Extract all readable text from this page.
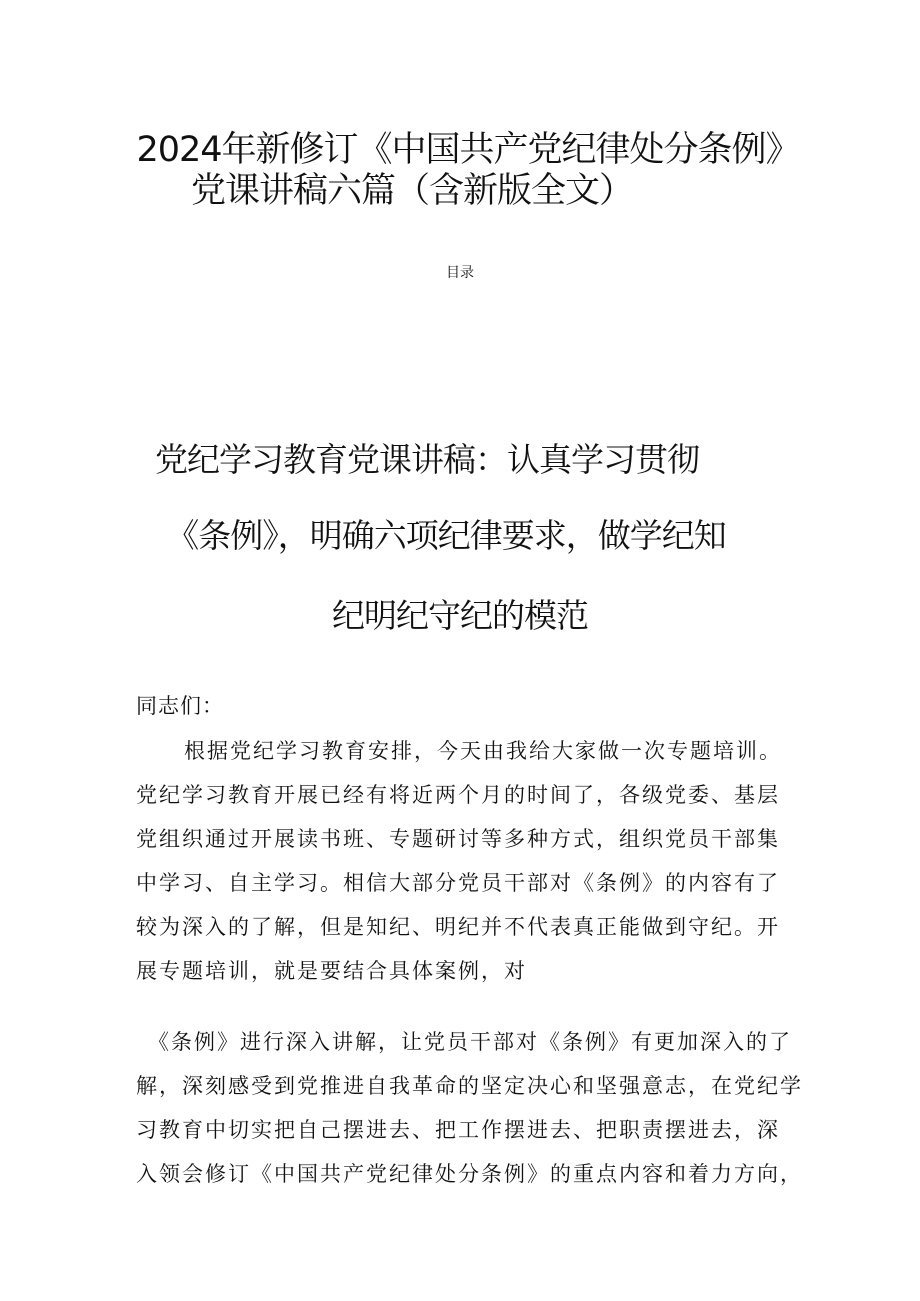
2024年新修订《中国共产党纪律处分条例》
党课讲稿六篇（含新版全文）
目录
党纪学习教育党课讲稿：认真学习贯彻
《条例》，明确六项纪律要求，做学纪知
纪明纪守纪的模范
同志们：
根据党纪学习教育安排，今天由我给大家做一次专题培训。
党纪学习教育开展已经有将近两个月的时间了，各级党委、基层
党组织通过开展读书班、专题研讨等多种方式，组织党员干部集
中学习、自主学习。相信大部分党员干部对《条例》的内容有了
较为深入的了解，但是知纪、明纪并不代表真正能做到守纪。开
展专题培训，就是要结合具体案例，对
《条例》进行深入讲解，让党员干部对《条例》有更加深入的了
解，深刻感受到党推进自我革命的坚定决心和坚强意志，在党纪学
习教育中切实把自己摆进去、把工作摆进去、把职责摆进去，深
入领会修订《中国共产党纪律处分条例》的重点内容和着力方向，
